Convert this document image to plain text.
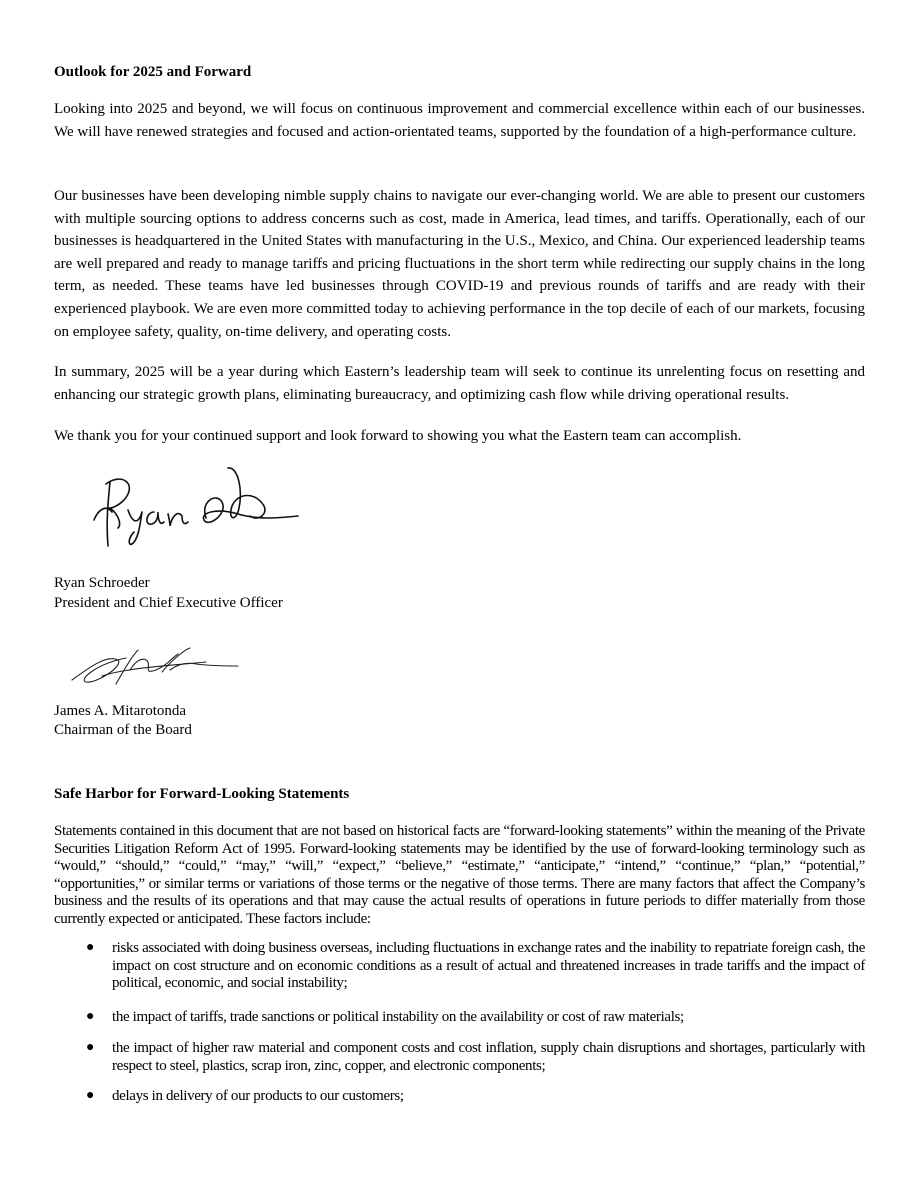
Outlook for 2025 and Forward
Looking into 2025 and beyond, we will focus on continuous improvement and commercial excellence within each of our businesses. We will have renewed strategies and focused and action-orientated teams, supported by the foundation of a high-performance culture.
Our businesses have been developing nimble supply chains to navigate our ever-changing world. We are able to present our customers with multiple sourcing options to address concerns such as cost, made in America, lead times, and tariffs. Operationally, each of our businesses is headquartered in the United States with manufacturing in the U.S., Mexico, and China. Our experienced leadership teams are well prepared and ready to manage tariffs and pricing fluctuations in the short term while redirecting our supply chains in the long term, as needed. These teams have led businesses through COVID-19 and previous rounds of tariffs and are ready with their experienced playbook. We are even more committed today to achieving performance in the top decile of each of our markets, focusing on employee safety, quality, on-time delivery, and operating costs.
In summary, 2025 will be a year during which Eastern’s leadership team will seek to continue its unrelenting focus on resetting and enhancing our strategic growth plans, eliminating bureaucracy, and optimizing cash flow while driving operational results.
We thank you for your continued support and look forward to showing you what the Eastern team can accomplish.
Ryan Schroeder
President and Chief Executive Officer
James A. Mitarotonda
Chairman of the Board
Safe Harbor for Forward-Looking Statements
Statements contained in this document that are not based on historical facts are “forward-looking statements” within the meaning of the Private Securities Litigation Reform Act of 1995. Forward-looking statements may be identified by the use of forward-looking terminology such as “would,” “should,” “could,” “may,” “will,” “expect,” “believe,” “estimate,” “anticipate,” “intend,” “continue,” “plan,” “potential,” “opportunities,” or similar terms or variations of those terms or the negative of those terms. There are many factors that affect the Company’s business and the results of its operations and that may cause the actual results of operations in future periods to differ materially from those currently expected or anticipated. These factors include:
● risks associated with doing business overseas, including fluctuations in exchange rates and the inability to repatriate foreign cash, the impact on cost structure and on economic conditions as a result of actual and threatened increases in trade tariffs and the impact of political, economic, and social instability;
● the impact of tariffs, trade sanctions or political instability on the availability or cost of raw materials;
● the impact of higher raw material and component costs and cost inflation, supply chain disruptions and shortages, particularly with respect to steel, plastics, scrap iron, zinc, copper, and electronic components;
● delays in delivery of our products to our customers;
